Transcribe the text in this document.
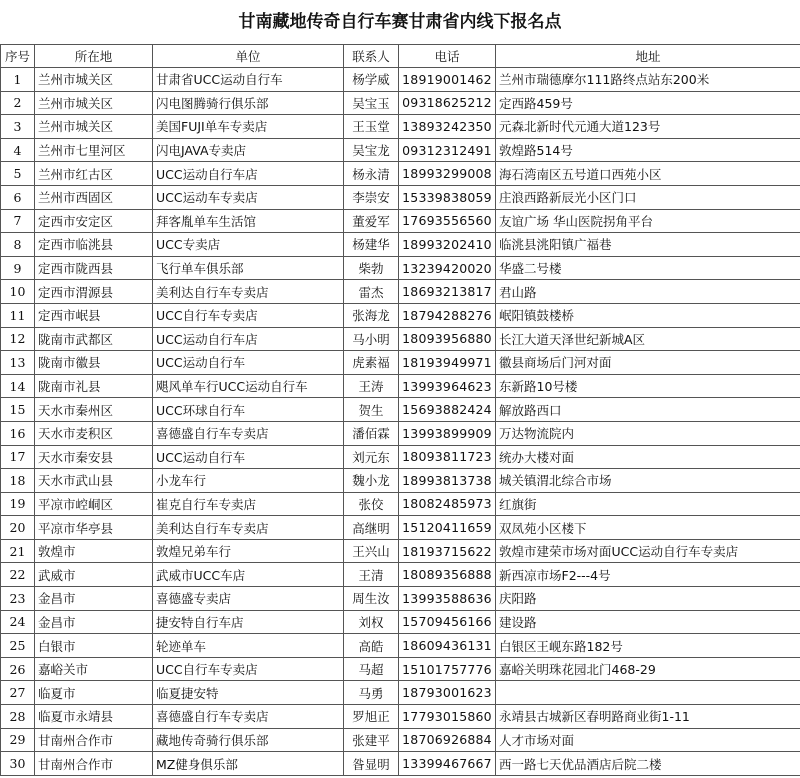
甘南藏地传奇自行车赛甘肃省内线下报名点
序号	所在地	单位	联系人	电话	地址
1	兰州市城关区	甘肃省UCC运动自行车	杨学威	18919001462	兰州市瑞德摩尔111路终点站东200米
2	兰州市城关区	闪电图腾骑行俱乐部	吴宝玉	09318625212	定西路459号
3	兰州市城关区	美国FUJI单车专卖店	王玉堂	13893242350	元森北新时代元通大道123号
4	兰州市七里河区	闪电JAVA专卖店	吴宝龙	09312312491	敦煌路514号
5	兰州市红古区	UCC运动自行车店	杨永清	18993299008	海石湾南区五号道口西苑小区
6	兰州市西固区	UCC运动车专卖店	李崇安	15339838059	庄浪西路新辰光小区门口
7	定西市安定区	拜客胤单车生活馆	董爱军	17693556560	友谊广场 华山医院拐角平台
8	定西市临洮县	UCC专卖店	杨建华	18993202410	临洮县洮阳镇广福巷
9	定西市陇西县	飞行单车俱乐部	柴勃	13239420020	华盛二号楼
10	定西市渭源县	美利达自行车专卖店	雷杰	18693213817	君山路
11	定西市岷县	UCC自行车专卖店	张海龙	18794288276	岷阳镇鼓楼桥
12	陇南市武都区	UCC运动自行车店	马小明	18093956880	长江大道天泽世纪新城A区
13	陇南市徽县	UCC运动自行车	虎素福	18193949971	徽县商场后门河对面
14	陇南市礼县	飓风单车行UCC运动自行车	王涛	13993964623	东新路10号楼
15	天水市秦州区	UCC环球自行车	贺生	15693882424	解放路西口
16	天水市麦积区	喜德盛自行车专卖店	潘佰霖	13993899909	万达物流院内
17	天水市秦安县	UCC运动自行车	刘元东	18093811723	统办大楼对面
18	天水市武山县	小龙车行	魏小龙	18993813738	城关镇渭北综合市场
19	平凉市崆峒区	崔克自行车专卖店	张佼	18082485973	红旗街
20	平凉市华亭县	美利达自行车专卖店	高继明	15120411659	双凤苑小区楼下
21	敦煌市	敦煌兄弟车行	王兴山	18193715622	敦煌市建荣市场对面UCC运动自行车专卖店
22	武威市	武威市UCC车店	王清	18089356888	新西凉市场F2---4号
23	金昌市	喜德盛专卖店	周生汝	13993588636	庆阳路
24	金昌市	捷安特自行车店	刘权	15709456166	建设路
25	白银市	轮迹单车	高皓	18609436131	白银区王岘东路182号
26	嘉峪关市	UCC自行车专卖店	马超	15101757776	嘉峪关明珠花园北门468-29
27	临夏市	临夏捷安特	马勇	18793001623	
28	临夏市永靖县	喜德盛自行车专卖店	罗旭正	17793015860	永靖县古城新区春明路商业街1-11
29	甘南州合作市	藏地传奇骑行俱乐部	张建平	18706926884	人才市场对面
30	甘南州合作市	MZ健身俱乐部	昝显明	13399467667	西一路七天优品酒店后院二楼
